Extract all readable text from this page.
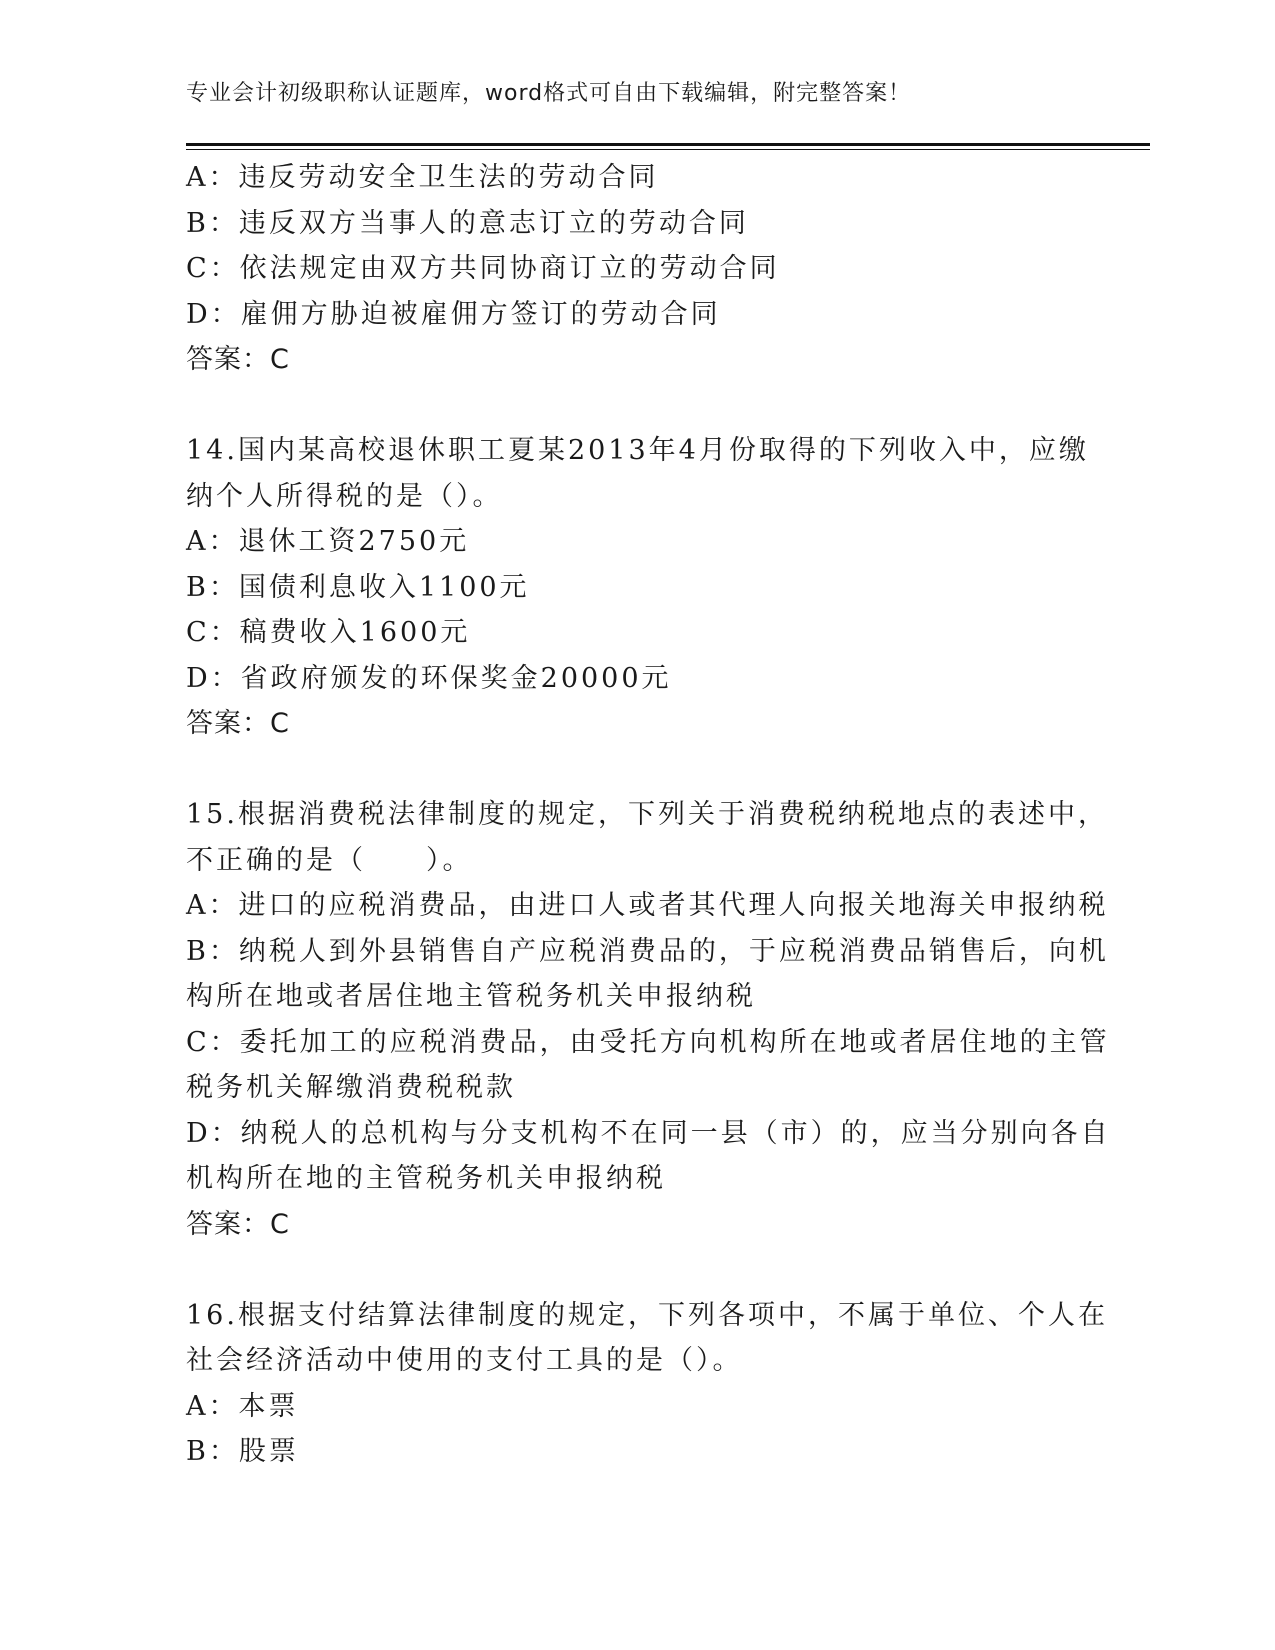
专业会计初级职称认证题库，word格式可自由下载编辑，附完整答案！
A：违反劳动安全卫生法的劳动合同
B：违反双方当事人的意志订立的劳动合同
C：依法规定由双方共同协商订立的劳动合同
D：雇佣方胁迫被雇佣方签订的劳动合同
答案：C
14.国内某高校退休职工夏某2013年4月份取得的下列收入中，应缴
纳个人所得税的是（）。
A：退休工资2750元
B：国债利息收入1100元
C：稿费收入1600元
D：省政府颁发的环保奖金20000元
答案：C
15.根据消费税法律制度的规定，下列关于消费税纳税地点的表述中，
不正确的是（　　）。
A：进口的应税消费品，由进口人或者其代理人向报关地海关申报纳税
B：纳税人到外县销售自产应税消费品的，于应税消费品销售后，向机
构所在地或者居住地主管税务机关申报纳税
C：委托加工的应税消费品，由受托方向机构所在地或者居住地的主管
税务机关解缴消费税税款
D：纳税人的总机构与分支机构不在同一县（市）的，应当分别向各自
机构所在地的主管税务机关申报纳税
答案：C
16.根据支付结算法律制度的规定，下列各项中，不属于单位、个人在
社会经济活动中使用的支付工具的是（）。
A：本票
B：股票
